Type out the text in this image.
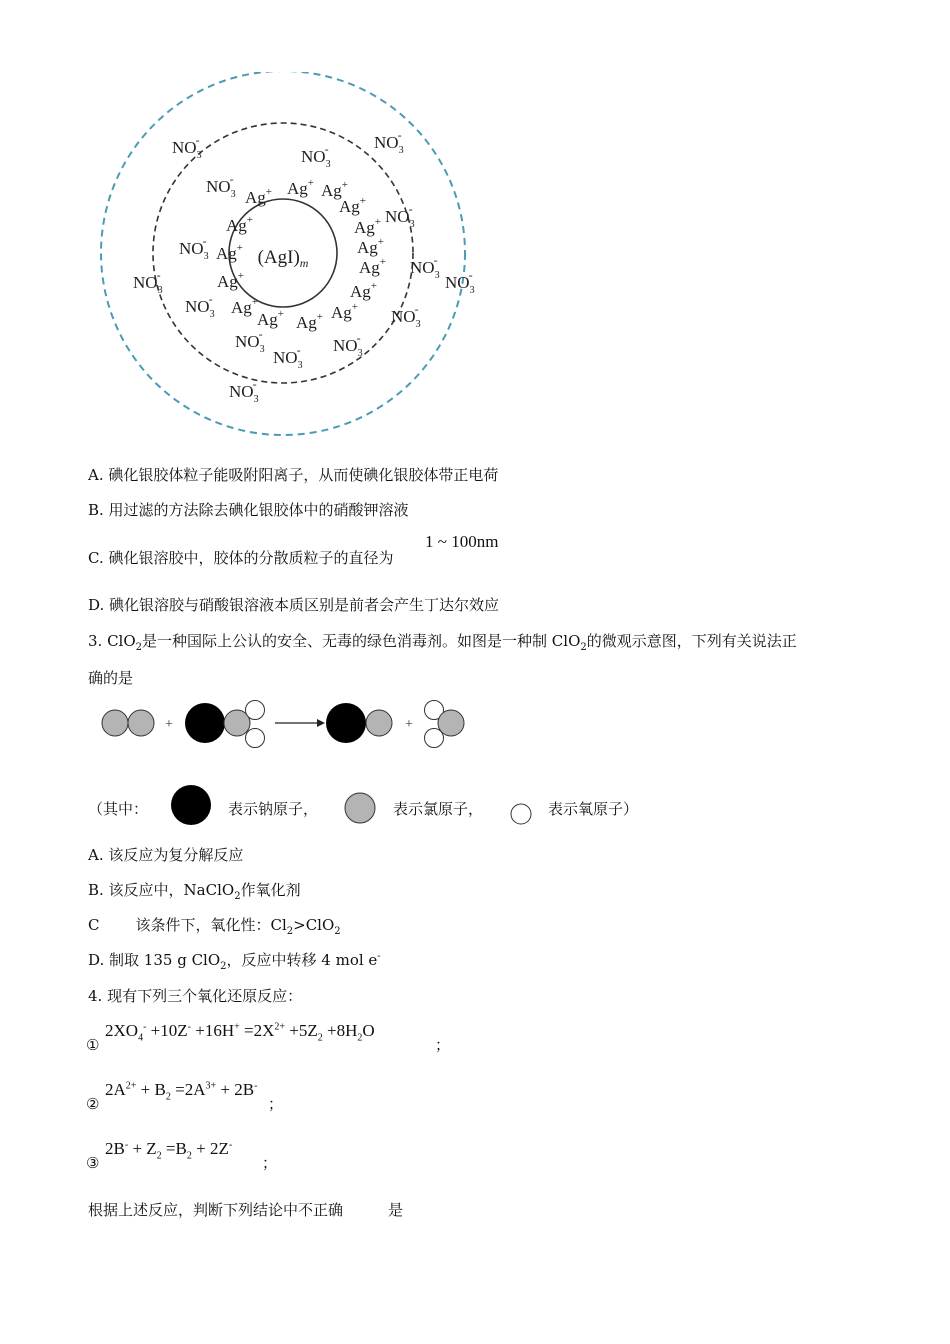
$(AgI)_m$
Ag+ Ag+ Ag+
Ag+
Ag+	Ag+
Ag+	Ag+
Ag+
Ag+
Ag+
Ag+
Ag+
Ag+ Ag+
$NO_3-$	$NO_3-$
$NO_3-$
$NO_3-$
$NO_3-$
$NO_3-$
$NO_3-$
$NO_3-$	$NO_3-$
$NO_3-$
$NO_3-$
$NO_3-$
$NO_3-$
$NO_3-$
$NO_3-$
A. 碘化银胶体粒子能吸附阳离子，从而使碘化银胶体带正电荷
B. 用过滤的方法除去碘化银胶体中的硝酸钾溶液
C. 碘化银溶胶中，胶体的分散质粒子的直径为
1 ~ 100nm
D. 碘化银溶胶与硝酸银溶液本质区别是前者会产生丁达尔效应
3. ClO$_2$是一种国际上公认的安全、无毒的绿色消毒剂。如图是一种制 ClO$_2$的微观示意图，下列有关说法正
确的是
+	+
（其中：	表示钠原子，	表示氯原子，	表示氧原子）
A. 该反应为复分解反应
B. 该反应中，NaClO$_2$作氧化剂
C 该条件下，氧化性：$Cl_2>ClO_2$
D. 制取 135 g ClO$_2$，反应中转移 4 mol e-
4. 现有下列三个氧化还原反应：
①
$2XO_4^- +10Z^- +16H^+ =2X^{2+} +5Z_2 +8H_2O$
；
②
$2A^{2+} + B_2 =2A^{3+} + 2B^-$
；
③
$2B^- + Z_2 =B_2 + 2Z^-$
；
根据上述反应，判断下列结论中不正确	是
